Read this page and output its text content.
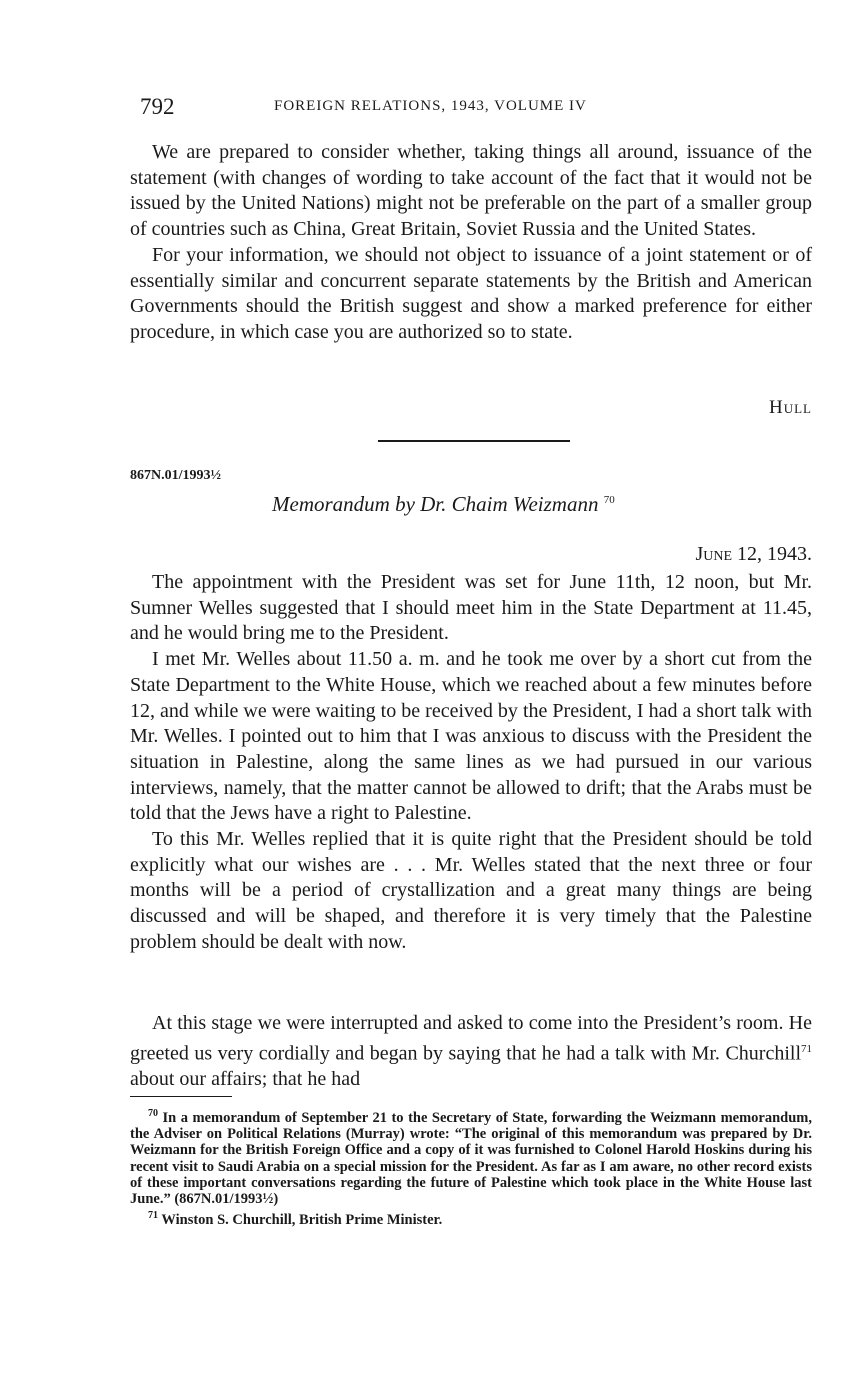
792	FOREIGN RELATIONS, 1943, VOLUME IV

We are prepared to consider whether, taking things all around, issuance of the statement (with changes of wording to take account of the fact that it would not be issued by the United Nations) might not be preferable on the part of a smaller group of countries such as China, Great Britain, Soviet Russia and the United States.

For your information, we should not object to issuance of a joint statement or of essentially similar and concurrent separate statements by the British and American Governments should the British suggest and show a marked preference for either procedure, in which case you are authorized so to state.

Hull
867N.01/1993½
Memorandum by Dr. Chaim Weizmann $^{70}$
June 12, 1943.

The appointment with the President was set for June 11th, 12 noon, but Mr. Sumner Welles suggested that I should meet him in the State Department at 11.45, and he would bring me to the President.

I met Mr. Welles about 11.50 a. m. and he took me over by a short cut from the State Department to the White House, which we reached about a few minutes before 12, and while we were waiting to be received by the President, I had a short talk with Mr. Welles. I pointed out to him that I was anxious to discuss with the President the situation in Palestine, along the same lines as we had pursued in our various interviews, namely, that the matter cannot be allowed to drift; that the Arabs must be told that the Jews have a right to Palestine.

To this Mr. Welles replied that it is quite right that the President should be told explicitly what our wishes are . . . Mr. Welles stated that the next three or four months will be a period of crystallization and a great many things are being discussed and will be shaped, and therefore it is very timely that the Palestine problem should be dealt with now.

At this stage we were interrupted and asked to come into the President’s room. He greeted us very cordially and began by saying that he had a talk with Mr. Churchill$^{71}$ about our affairs; that he had

$^{70}$ In a memorandum of September 21 to the Secretary of State, forwarding the Weizmann memorandum, the Adviser on Political Relations (Murray) wrote: “The original of this memorandum was prepared by Dr. Weizmann for the British Foreign Office and a copy of it was furnished to Colonel Harold Hoskins during his recent visit to Saudi Arabia on a special mission for the President. As far as I am aware, no other record exists of these important conversations regarding the future of Palestine which took place in the White House last June.” (867N.01/1993½)

$^{71}$ Winston S. Churchill, British Prime Minister.
